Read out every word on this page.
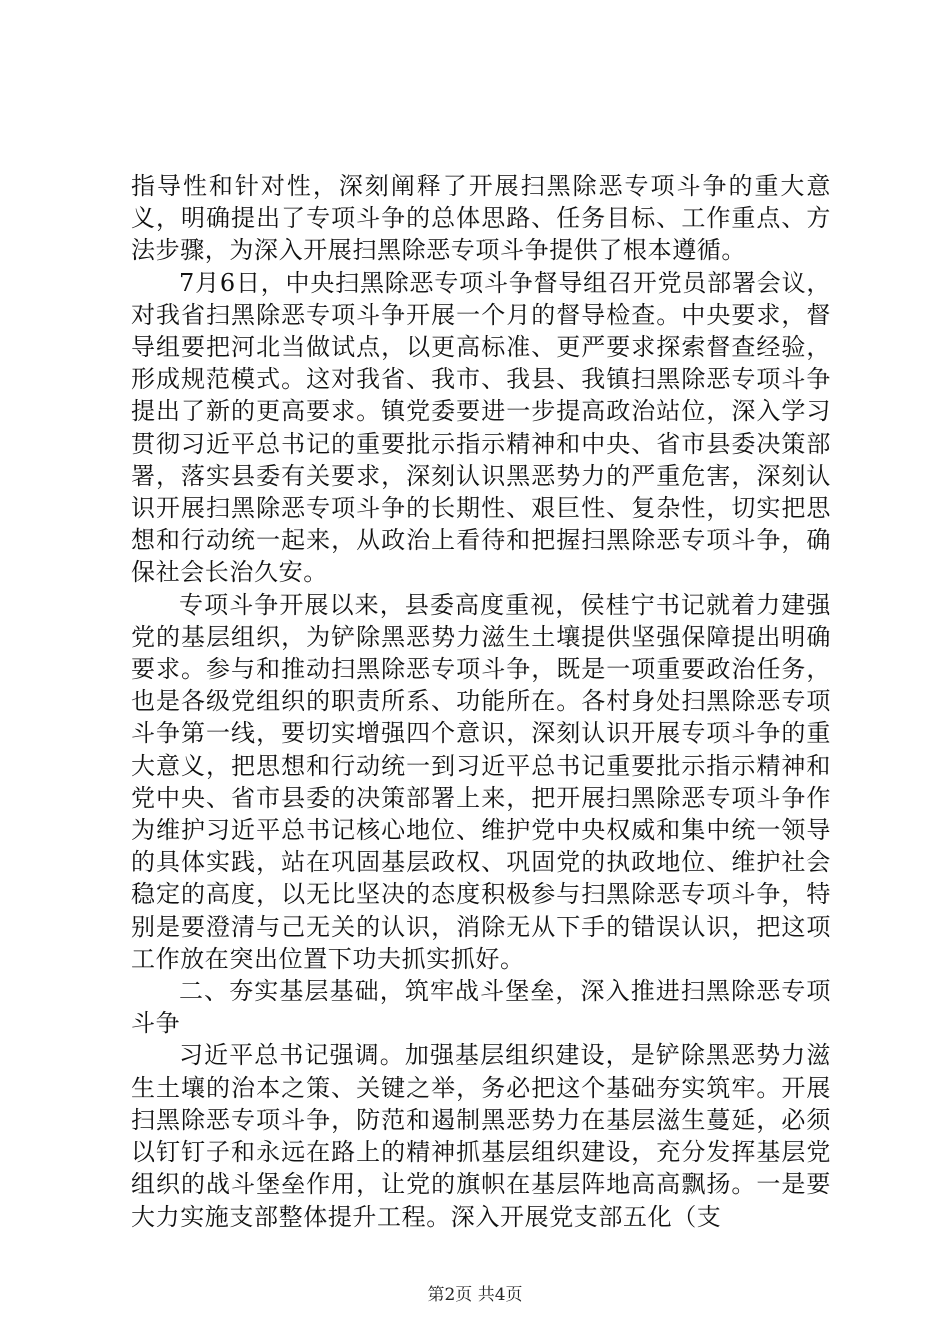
指导性和针对性，深刻阐释了开展扫黑除恶专项斗争的重大意义，明确提出了专项斗争的总体思路、任务目标、工作重点、方法步骤，为深入开展扫黑除恶专项斗争提供了根本遵循。

7月6日，中央扫黑除恶专项斗争督导组召开党员部署会议，对我省扫黑除恶专项斗争开展一个月的督导检查。中央要求，督导组要把河北当做试点，以更高标准、更严要求探索督查经验，形成规范模式。这对我省、我市、我县、我镇扫黑除恶专项斗争提出了新的更高要求。镇党委要进一步提高政治站位，深入学习贯彻习近平总书记的重要批示指示精神和中央、省市县委决策部署，落实县委有关要求，深刻认识黑恶势力的严重危害，深刻认识开展扫黑除恶专项斗争的长期性、艰巨性、复杂性，切实把思想和行动统一起来，从政治上看待和把握扫黑除恶专项斗争，确保社会长治久安。

专项斗争开展以来，县委高度重视，侯桂宁书记就着力建强党的基层组织，为铲除黑恶势力滋生土壤提供坚强保障提出明确要求。参与和推动扫黑除恶专项斗争，既是一项重要政治任务，也是各级党组织的职责所系、功能所在。各村身处扫黑除恶专项斗争第一线，要切实增强四个意识，深刻认识开展专项斗争的重大意义，把思想和行动统一到习近平总书记重要批示指示精神和党中央、省市县委的决策部署上来，把开展扫黑除恶专项斗争作为维护习近平总书记核心地位、维护党中央权威和集中统一领导的具体实践，站在巩固基层政权、巩固党的执政地位、维护社会稳定的高度，以无比坚决的态度积极参与扫黑除恶专项斗争，特别是要澄清与己无关的认识，消除无从下手的错误认识，把这项工作放在突出位置下功夫抓实抓好。

二、夯实基层基础，筑牢战斗堡垒，深入推进扫黑除恶专项斗争

习近平总书记强调。加强基层组织建设，是铲除黑恶势力滋生土壤的治本之策、关键之举，务必把这个基础夯实筑牢。开展扫黑除恶专项斗争，防范和遏制黑恶势力在基层滋生蔓延，必须以钉钉子和永远在路上的精神抓基层组织建设，充分发挥基层党组织的战斗堡垒作用，让党的旗帜在基层阵地高高飘扬。一是要大力实施支部整体提升工程。深入开展党支部五化（支

第2页 共4页
